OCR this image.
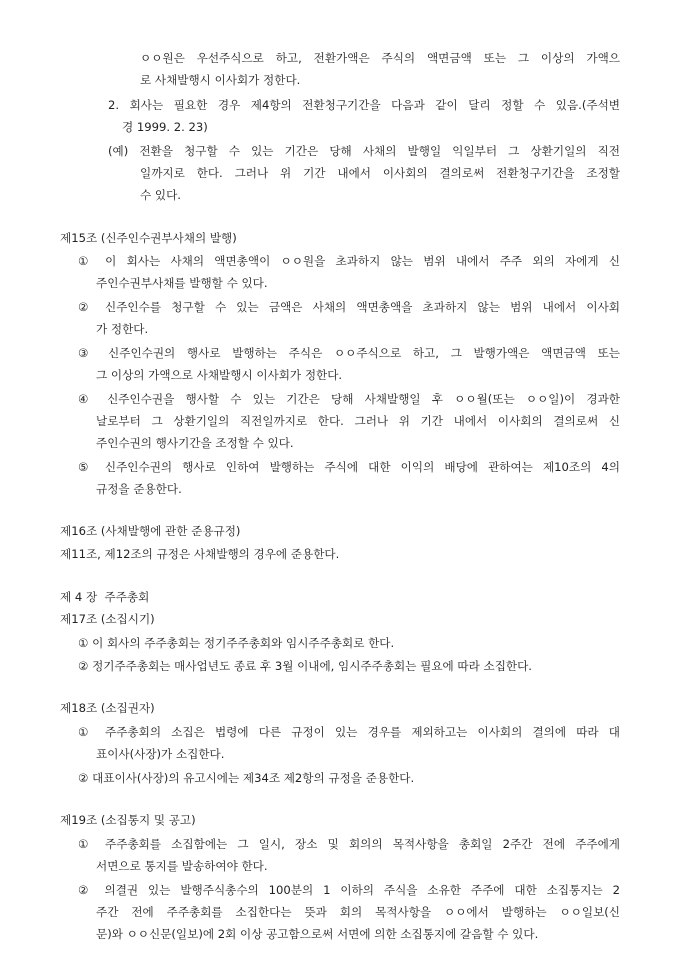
ㅇㅇ원은 우선주식으로 하고, 전환가액은 주식의 액면금액 또는 그 이상의 가액으
로 사채발행시 이사회가 정한다.
2. 회사는 필요한 경우 제4항의 전환청구기간을 다음과 같이 달리 정할 수 있음.(주석변
경 1999. 2. 23)
(예) 전환을 청구할 수 있는 기간은 당해 사채의 발행일 익일부터 그 상환기일의 직전
일까지로 한다. 그러나 위 기간 내에서 이사회의 결의로써 전환청구기간을 조정할
수 있다.
제15조 (신주인수권부사채의 발행)
① 이 회사는 사채의 액면총액이 ㅇㅇ원을 초과하지 않는 범위 내에서 주주 외의 자에게 신
주인수권부사채를 발행할 수 있다.
② 신주인수를 청구할 수 있는 금액은 사채의 액면총액을 초과하지 않는 범위 내에서 이사회
가 정한다.
③ 신주인수권의 행사로 발행하는 주식은 ㅇㅇ주식으로 하고, 그 발행가액은 액면금액 또는
그 이상의 가액으로 사채발행시 이사회가 정한다.
④ 신주인수권을 행사할 수 있는 기간은 당해 사채발행일 후 ㅇㅇ월(또는 ㅇㅇ일)이 경과한
날로부터 그 상환기일의 직전일까지로 한다. 그러나 위 기간 내에서 이사회의 결의로써 신
주인수권의 행사기간을 조정할 수 있다.
⑤ 신주인수권의 행사로 인하여 발행하는 주식에 대한 이익의 배당에 관하여는 제10조의 4의
규정을 준용한다.
제16조 (사채발행에 관한 준용규정)
제11조, 제12조의 규정은 사채발행의 경우에 준용한다.
제 4 장  주주총회
제17조 (소집시기)
① 이 회사의 주주총회는 정기주주총회와 임시주주총회로 한다.
② 정기주주총회는 매사업년도 종료 후 3월 이내에, 임시주주총회는 필요에 따라 소집한다.
제18조 (소집권자)
① 주주총회의 소집은 법령에 다른 규정이 있는 경우를 제외하고는 이사회의 결의에 따라 대
표이사(사장)가 소집한다.
② 대표이사(사장)의 유고시에는 제34조 제2항의 규정을 준용한다.
제19조 (소집통지 및 공고)
① 주주총회를 소집함에는 그 일시, 장소 및 회의의 목적사항을 총회일 2주간 전에 주주에게
서면으로 통지를 발송하여야 한다.
② 의결권 있는 발행주식총수의 100분의 1 이하의 주식을 소유한 주주에 대한 소집통지는 2
주간 전에 주주총회를 소집한다는 뜻과 회의 목적사항을 ㅇㅇ에서 발행하는 ㅇㅇ일보(신
문)와 ㅇㅇ신문(일보)에 2회 이상 공고함으로써 서면에 의한 소집통지에 갈음할 수 있다.
